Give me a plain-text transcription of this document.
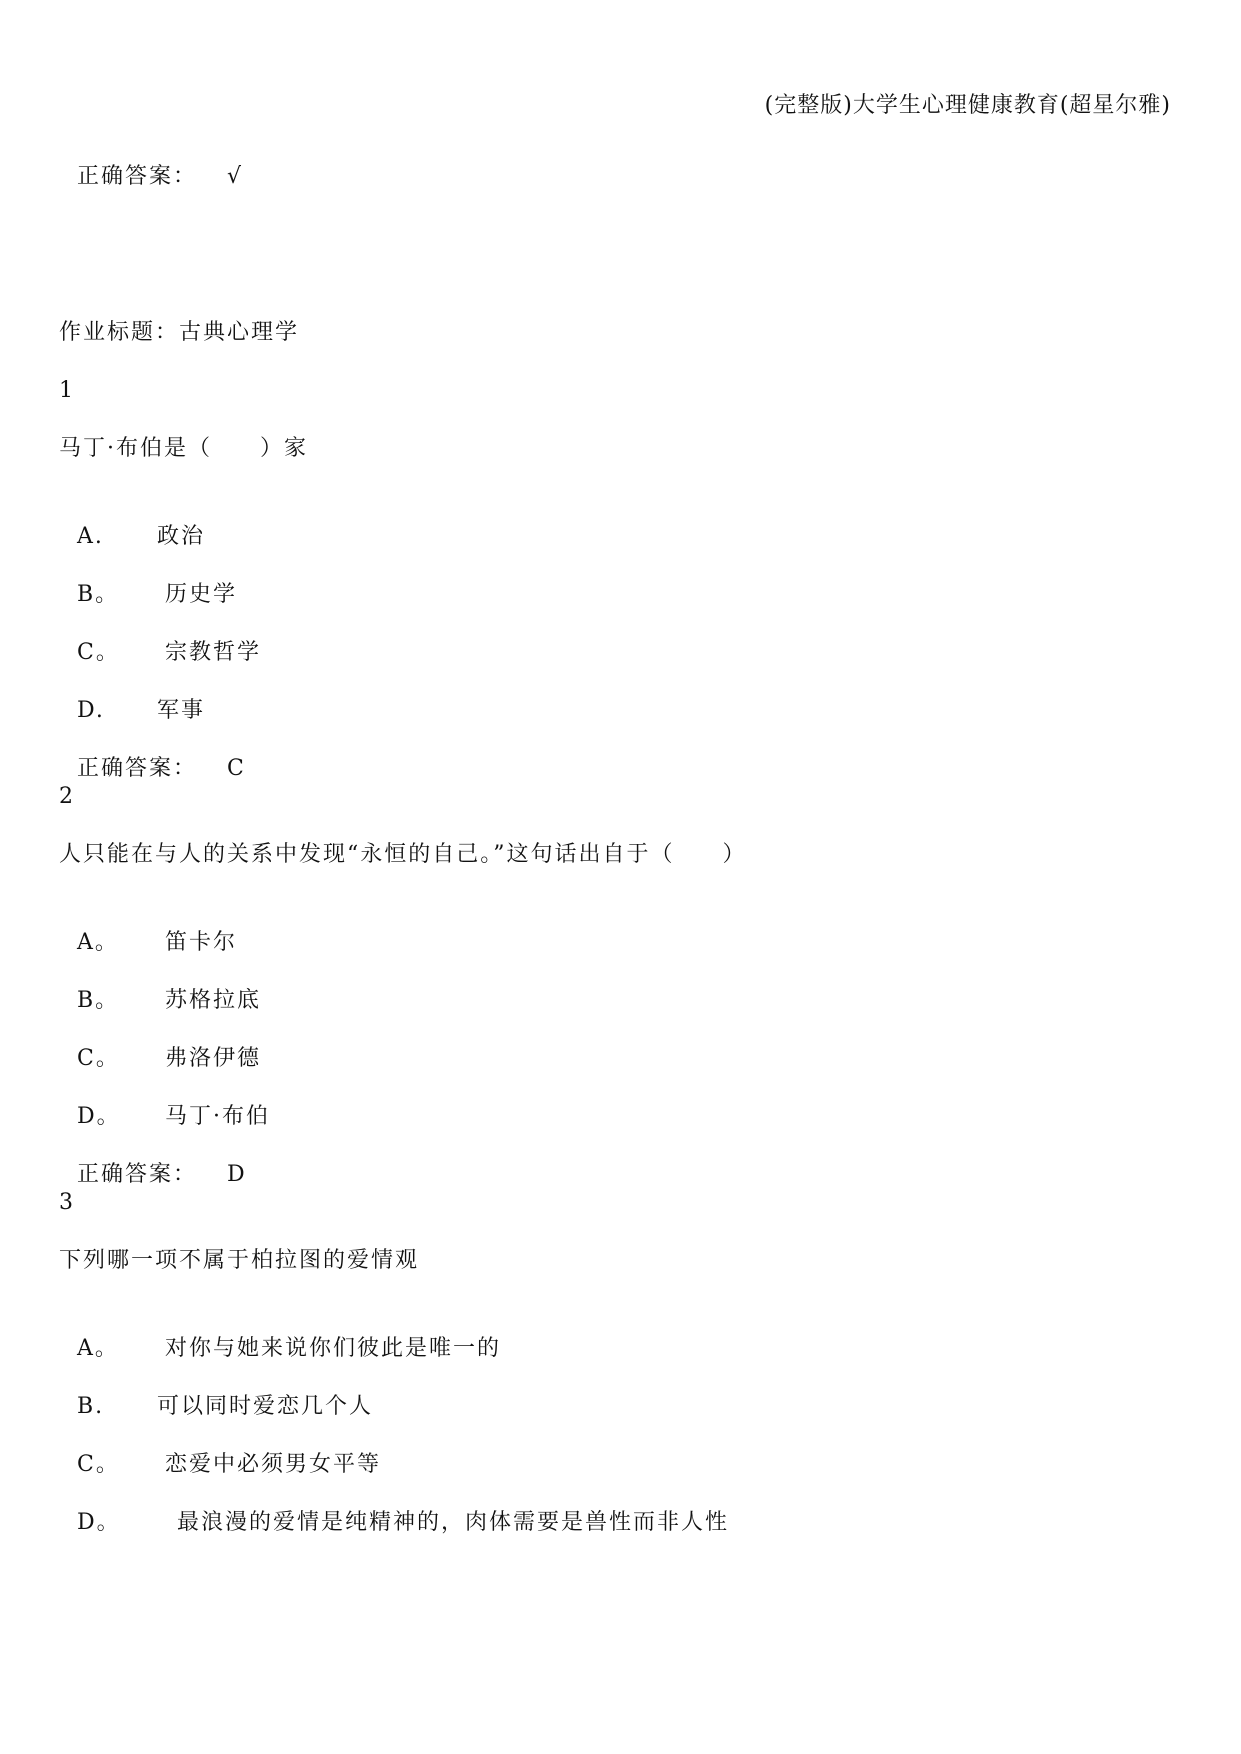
(完整版)大学生心理健康教育(超星尔雅)

正确答案： √

作业标题：古典心理学
1
马丁·布伯是（　　）家

A. 政治

B。 历史学

C。 宗教哲学

D. 军事

正确答案： C

2
人只能在与人的关系中发现“永恒的自己。”这句话出自于（　　）

A。 笛卡尔

B。 苏格拉底

C。 弗洛伊德

D。 马丁·布伯

正确答案： D

3
下列哪一项不属于柏拉图的爱情观

A。 对你与她来说你们彼此是唯一的

B. 可以同时爱恋几个人

C。 恋爱中必须男女平等

D。	最浪漫的爱情是纯精神的，肉体需要是兽性而非人性
